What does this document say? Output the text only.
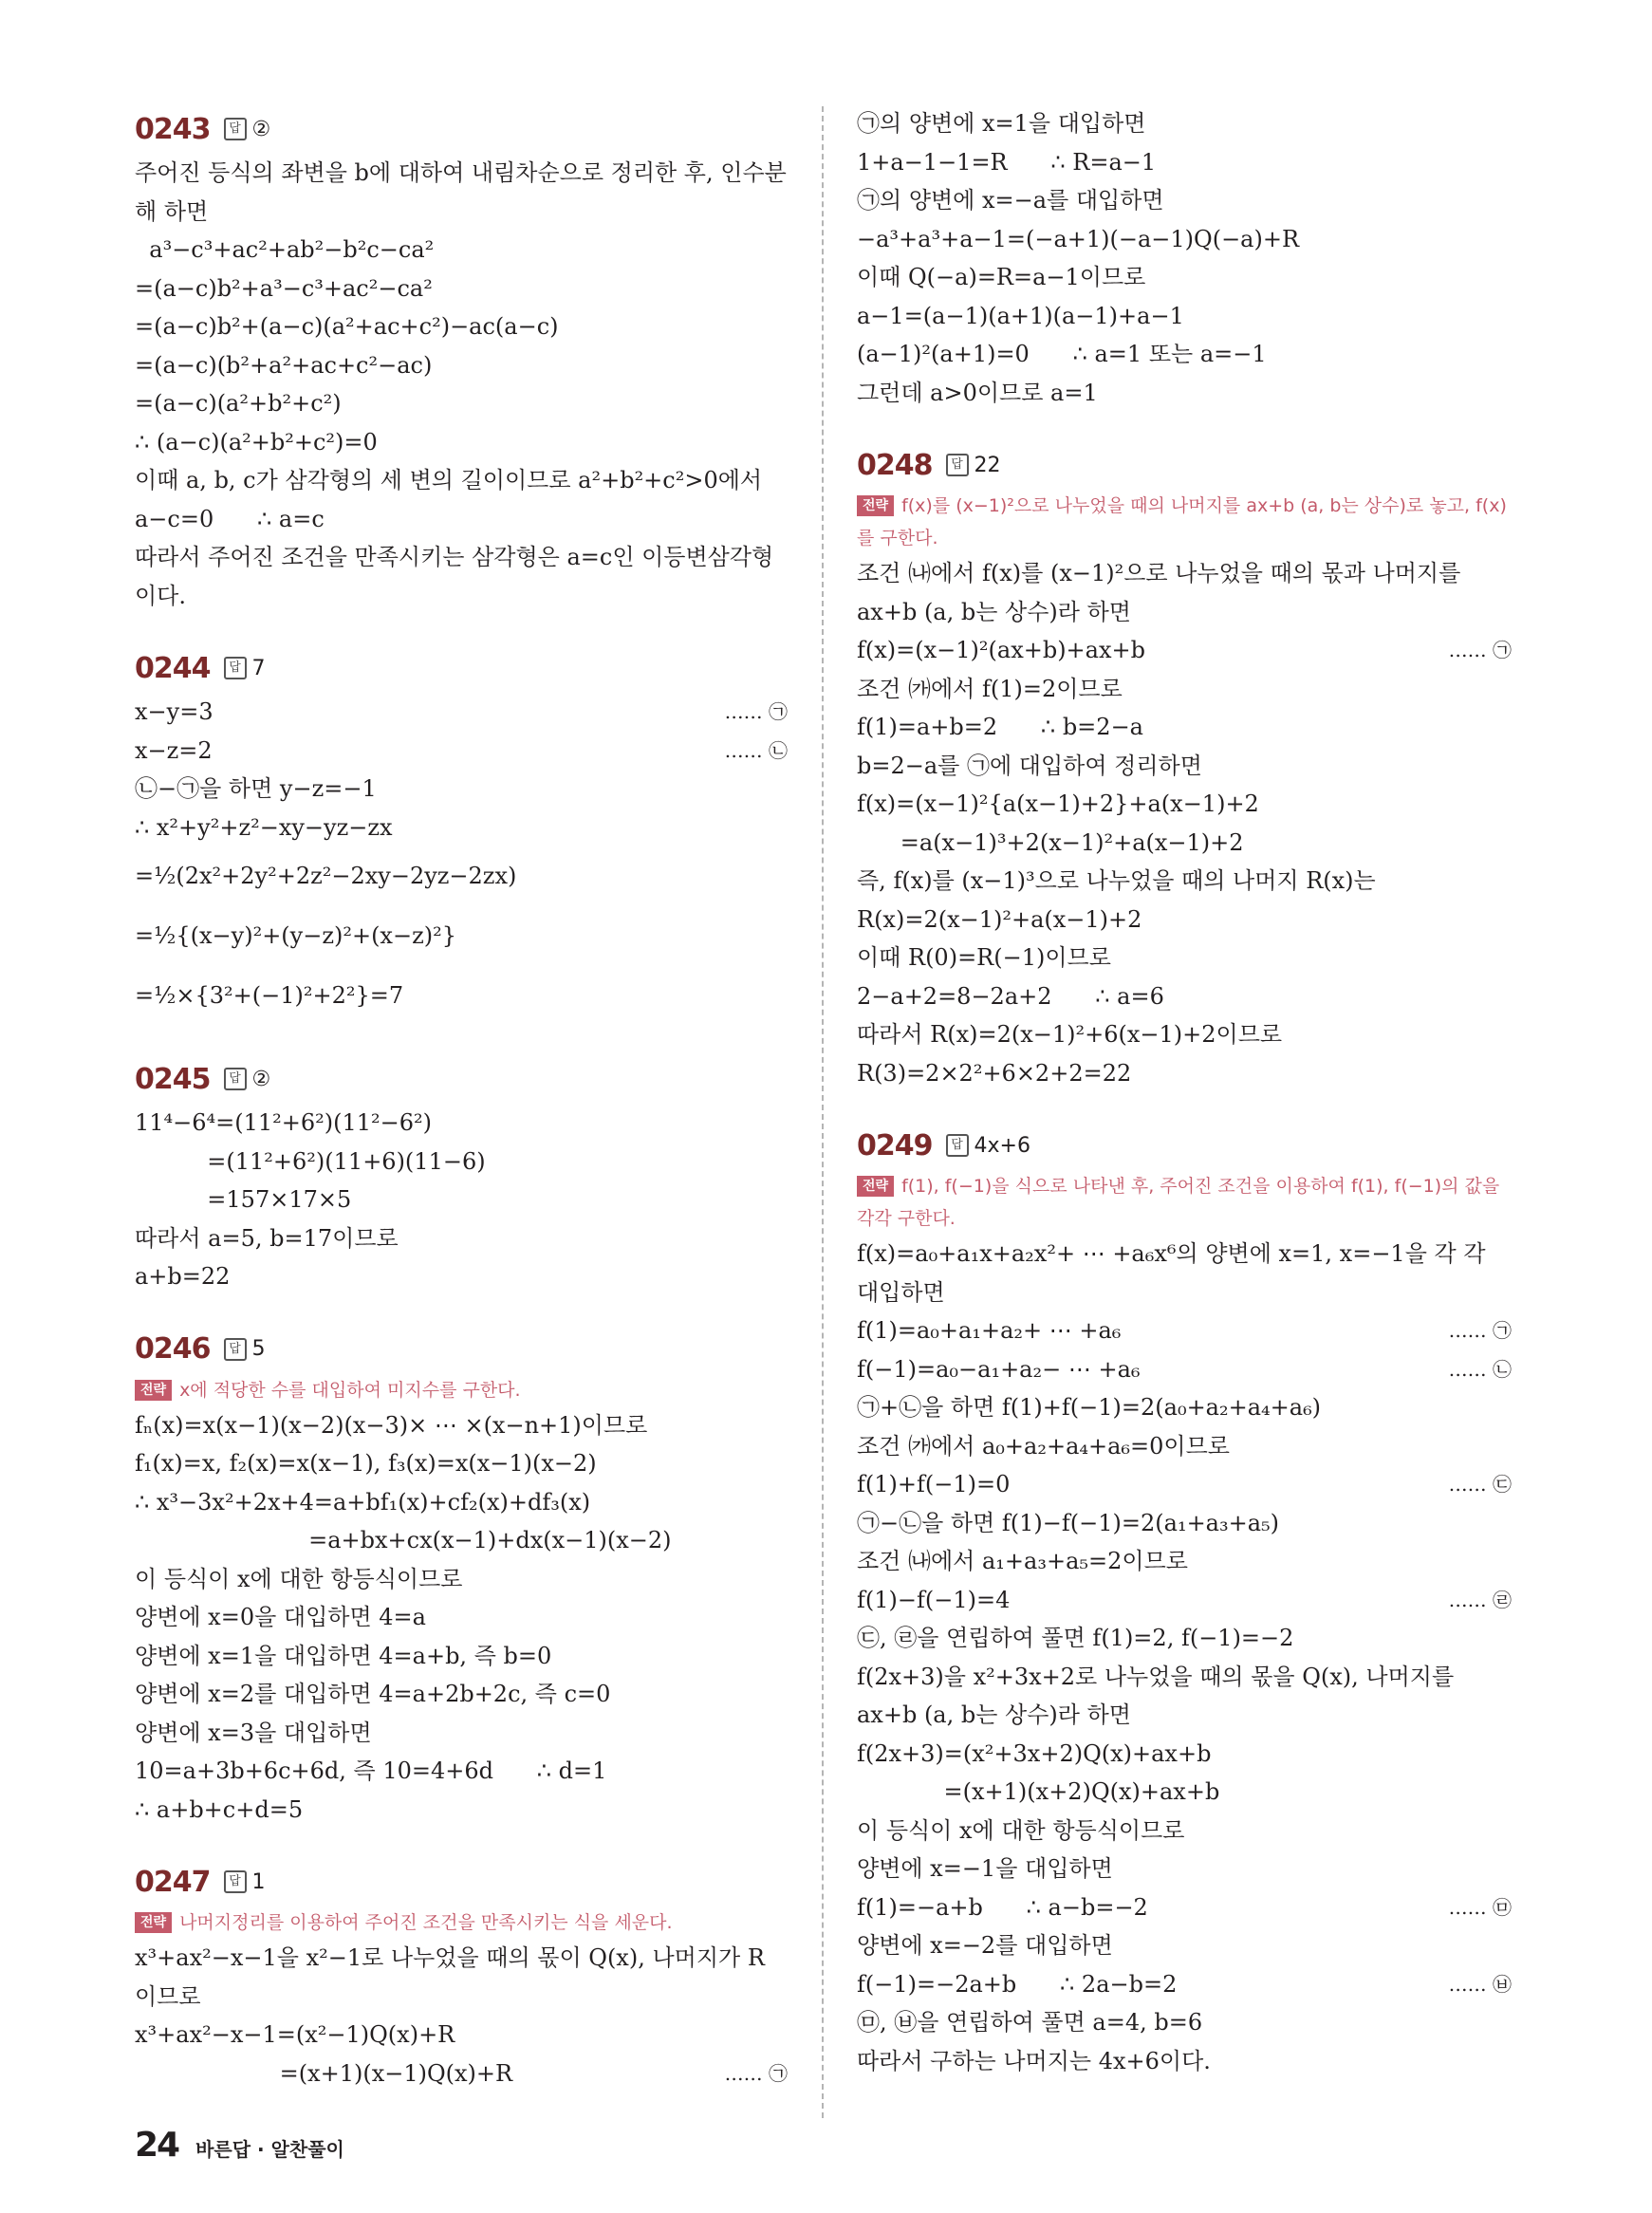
0243	답 ②
주어진 등식의 좌변을 b에 대하여 내림차순으로 정리한 후, 인수분해 하면
a³−c³+ac²+ab²−b²c−ca²
=(a−c)b²+a³−c³+ac²−ca²
=(a−c)b²+(a−c)(a²+ac+c²)−ac(a−c)
=(a−c)(b²+a²+ac+c²−ac)
=(a−c)(a²+b²+c²)
∴ (a−c)(a²+b²+c²)=0
이때 a, b, c가 삼각형의 세 변의 길이이므로 a²+b²+c²>0에서
a−c=0      ∴ a=c
따라서 주어진 조건을 만족시키는 삼각형은 a=c인 이등변삼각형 이다.
0244	답 7
x−y=3	…… ㉠
x−z=2	…… ㉡
㉡−㉠을 하면 y−z=−1
∴ x²+y²+z²−xy−yz−zx
=½(2x²+2y²+2z²−2xy−2yz−2zx)
=½{(x−y)²+(y−z)²+(x−z)²}
=½×{3²+(−1)²+2²}=7
0245	답 ②
11⁴−6⁴=(11²+6²)(11²−6²)
=(11²+6²)(11+6)(11−6)
=157×17×5
따라서 a=5, b=17이므로
a+b=22
0246	답 5
전략 x에 적당한 수를 대입하여 미지수를 구한다.
fₙ(x)=x(x−1)(x−2)(x−3)× ⋯ ×(x−n+1)이므로
f₁(x)=x, f₂(x)=x(x−1), f₃(x)=x(x−1)(x−2)
∴ x³−3x²+2x+4=a+bf₁(x)+cf₂(x)+df₃(x)
=a+bx+cx(x−1)+dx(x−1)(x−2)
이 등식이 x에 대한 항등식이므로
양변에 x=0을 대입하면 4=a
양변에 x=1을 대입하면 4=a+b, 즉 b=0
양변에 x=2를 대입하면 4=a+2b+2c, 즉 c=0
양변에 x=3을 대입하면
10=a+3b+6c+6d, 즉 10=4+6d      ∴ d=1
∴ a+b+c+d=5
0247	답 1
전략 나머지정리를 이용하여 주어진 조건을 만족시키는 식을 세운다.
x³+ax²−x−1을 x²−1로 나누었을 때의 몫이 Q(x), 나머지가 R 이므로
x³+ax²−x−1=(x²−1)Q(x)+R
=(x+1)(x−1)Q(x)+R	…… ㉠
㉠의 양변에 x=1을 대입하면
1+a−1−1=R      ∴ R=a−1
㉠의 양변에 x=−a를 대입하면
−a³+a³+a−1=(−a+1)(−a−1)Q(−a)+R
이때 Q(−a)=R=a−1이므로
a−1=(a−1)(a+1)(a−1)+a−1
(a−1)²(a+1)=0      ∴ a=1 또는 a=−1
그런데 a>0이므로 a=1
0248	답 22
전략 f(x)를 (x−1)²으로 나누었을 때의 나머지를 ax+b (a, b는 상수)로 놓고, f(x)를 구한다.
조건 ㈏에서 f(x)를 (x−1)²으로 나누었을 때의 몫과 나머지를
ax+b (a, b는 상수)라 하면
f(x)=(x−1)²(ax+b)+ax+b	…… ㉠
조건 ㈎에서 f(1)=2이므로
f(1)=a+b=2      ∴ b=2−a
b=2−a를 ㉠에 대입하여 정리하면
f(x)=(x−1)²{a(x−1)+2}+a(x−1)+2
=a(x−1)³+2(x−1)²+a(x−1)+2
즉, f(x)를 (x−1)³으로 나누었을 때의 나머지 R(x)는
R(x)=2(x−1)²+a(x−1)+2
이때 R(0)=R(−1)이므로
2−a+2=8−2a+2      ∴ a=6
따라서 R(x)=2(x−1)²+6(x−1)+2이므로
R(3)=2×2²+6×2+2=22
0249	답 4x+6
전략 f(1), f(−1)을 식으로 나타낸 후, 주어진 조건을 이용하여 f(1), f(−1)의 값을 각각 구한다.
f(x)=a₀+a₁x+a₂x²+ ⋯ +a₆x⁶의 양변에 x=1, x=−1을 각 각 대입하면
f(1)=a₀+a₁+a₂+ ⋯ +a₆	…… ㉠
f(−1)=a₀−a₁+a₂− ⋯ +a₆	…… ㉡
㉠+㉡을 하면 f(1)+f(−1)=2(a₀+a₂+a₄+a₆)
조건 ㈎에서 a₀+a₂+a₄+a₆=0이므로
f(1)+f(−1)=0	…… ㉢
㉠−㉡을 하면 f(1)−f(−1)=2(a₁+a₃+a₅)
조건 ㈏에서 a₁+a₃+a₅=2이므로
f(1)−f(−1)=4	…… ㉣
㉢, ㉣을 연립하여 풀면 f(1)=2, f(−1)=−2
f(2x+3)을 x²+3x+2로 나누었을 때의 몫을 Q(x), 나머지를
ax+b (a, b는 상수)라 하면
f(2x+3)=(x²+3x+2)Q(x)+ax+b
=(x+1)(x+2)Q(x)+ax+b
이 등식이 x에 대한 항등식이므로
양변에 x=−1을 대입하면
f(1)=−a+b      ∴ a−b=−2	…… ㉤
양변에 x=−2를 대입하면
f(−1)=−2a+b      ∴ 2a−b=2	…… ㉥
㉤, ㉥을 연립하여 풀면 a=4, b=6
따라서 구하는 나머지는 4x+6이다.
24 바른답 · 알찬풀이
